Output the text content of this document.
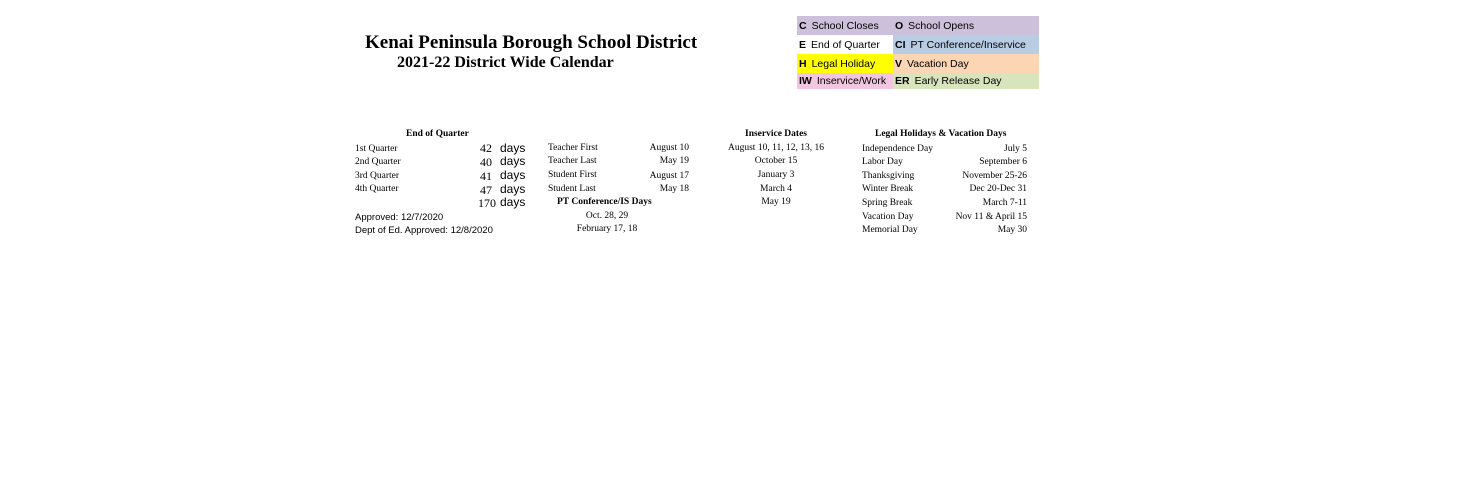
Kenai Peninsula Borough School District
2021-22 District Wide Calendar
C School Closes O School Opens
E End of Quarter CI PT Conference/Inservice
H Legal Holiday V Vacation Day
IW Inservice/Work ER Early Release Day
End of Quarter
1st Quarter	42 days
2nd Quarter	40 days
3rd Quarter	41 days
4th Quarter	47 days
170 days
Approved: 12/7/2020
Dept of Ed. Approved: 12/8/2020
Teacher First	August 10
Teacher Last	May 19
Student First	August 17
Student Last	May 18
PT Conference/IS Days
Oct. 28, 29
February 17, 18
Inservice Dates
August 10, 11, 12, 13, 16
October 15
January 3
March 4
May 19
Legal Holidays & Vacation Days
Independence Day	July 5
Labor Day	September 6
Thanksgiving	November 25-26
Winter Break	Dec 20-Dec 31
Spring Break	March 7-11
Vacation Day	Nov 11 & April 15
Memorial Day	May 30
